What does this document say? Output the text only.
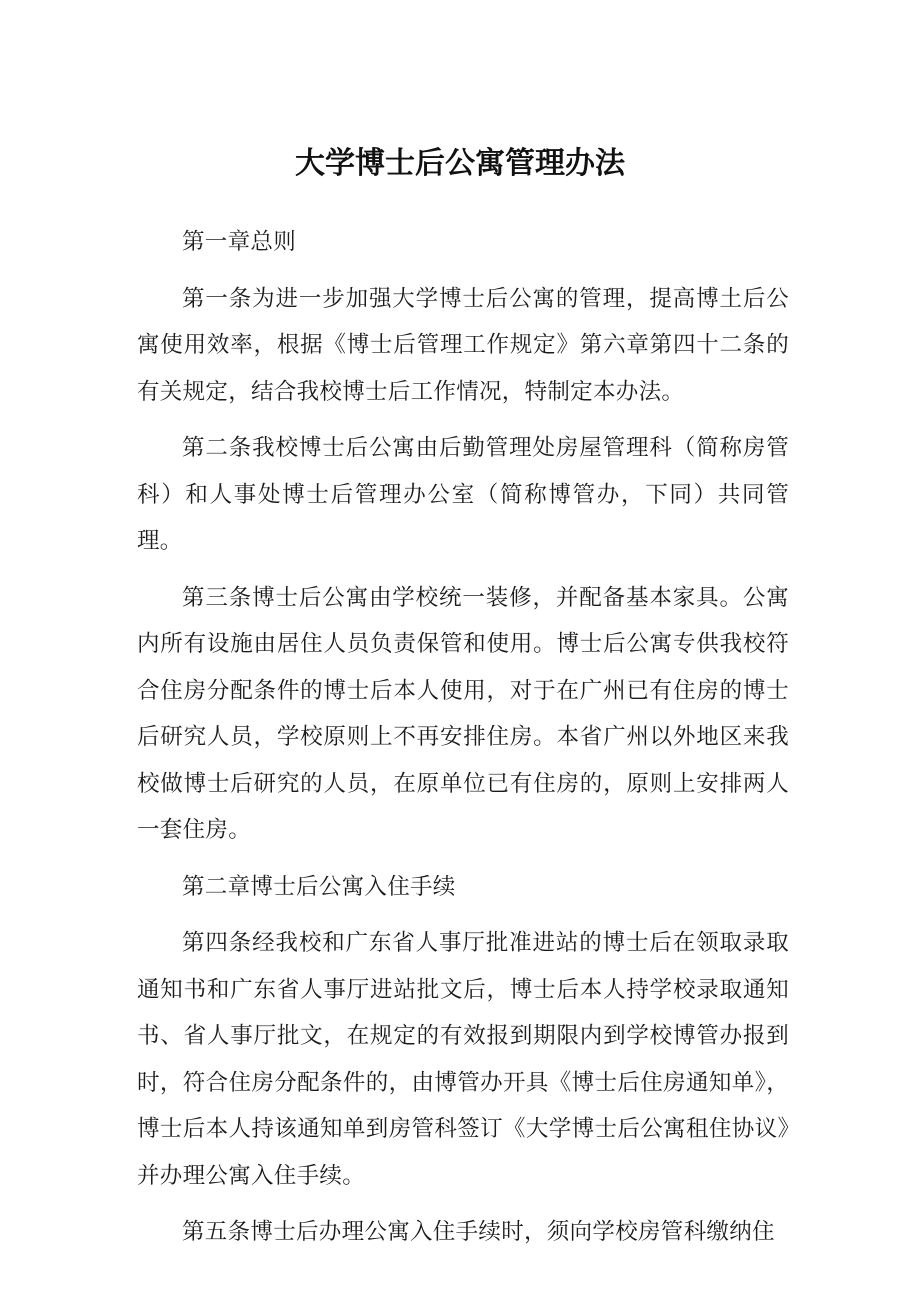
大学博士后公寓管理办法

第一章总则

第一条为进一步加强大学博士后公寓的管理，提高博土后公寓使用效率，根据《博士后管理工作规定》第六章第四十二条的有关规定，结合我校博士后工作情况，特制定本办法。

第二条我校博士后公寓由后勤管理处房屋管理科（简称房管科）和人事处博士后管理办公室（简称博管办，下同）共同管理。

第三条博士后公寓由学校统一装修，并配备基本家具。公寓内所有设施由居住人员负责保管和使用。博士后公寓专供我校符合住房分配条件的博士后本人使用，对于在广州已有住房的博士后研究人员，学校原则上不再安排住房。本省广州以外地区来我校做博士后研究的人员，在原单位已有住房的，原则上安排两人一套住房。

第二章博士后公寓入住手续

第四条经我校和广东省人事厅批准进站的博士后在领取录取通知书和广东省人事厅进站批文后，博士后本人持学校录取通知书、省人事厅批文，在规定的有效报到期限内到学校博管办报到时，符合住房分配条件的，由博管办开具《博士后住房通知单》，博士后本人持该通知单到房管科签订《大学博士后公寓租住协议》并办理公寓入住手续。

第五条博士后办理公寓入住手续时，须向学校房管科缴纳住
